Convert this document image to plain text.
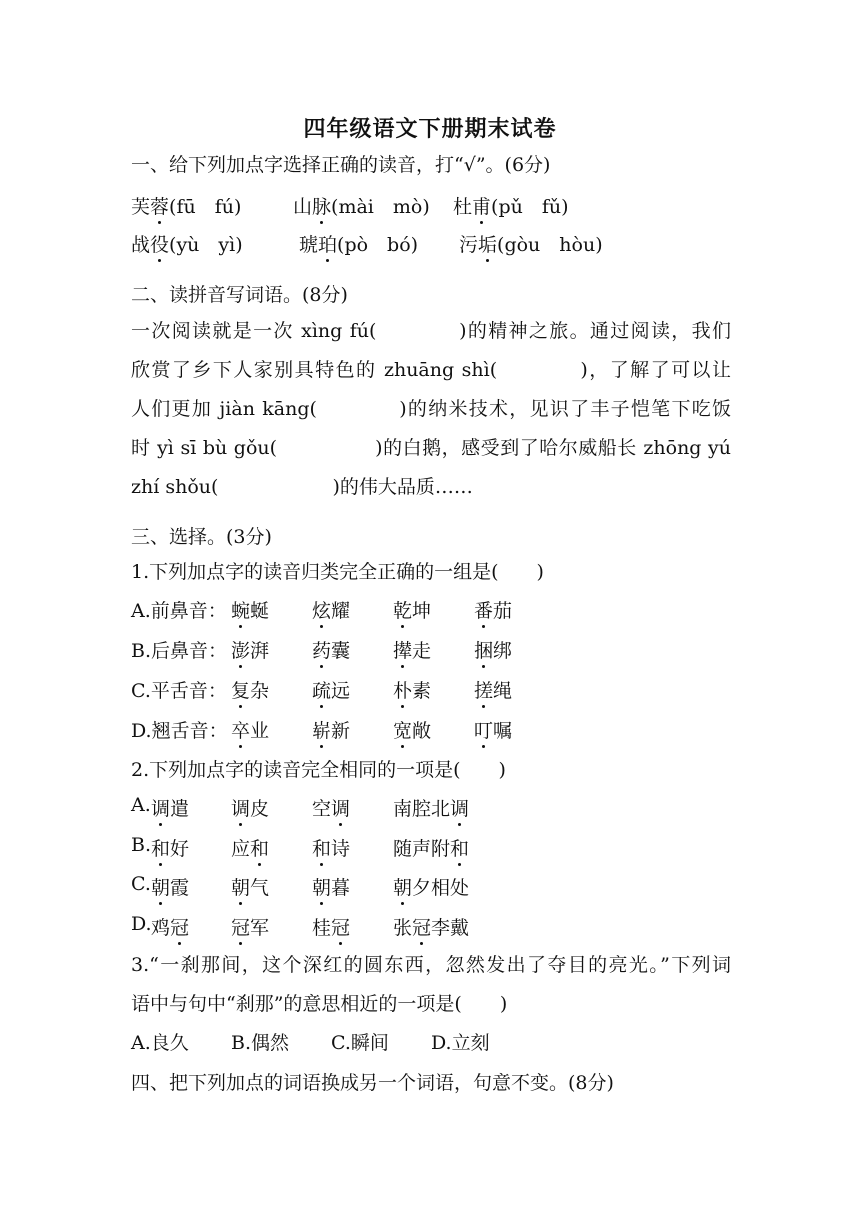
四年级语文下册期末试卷
一、给下列加点字选择正确的读音，打“√”。(6分)
芙蓉(fū　fú)	山脉(mài　mò) 杜甫(pǔ　fǔ)
战役(yù　yì)	琥珀(pò　bó) 污垢(gòu　hòu)
二、读拼音写词语。(8分)
一次阅读就是一次 xìng fú(　　　　)的精神之旅。通过阅读，我们
欣赏了乡下人家别具特色的 zhuāng shì(　　　　)，了解了可以让
人们更加 jiàn kāng(　　　　)的纳米技术，见识了丰子恺笔下吃饭
时 yì sī bù gǒu(　　　　　)的白鹅，感受到了哈尔威船长 zhōng yú
zhí shǒu(　　　　　　)的伟大品质……
三、选择。(3分)
1.下列加点字的读音归类完全正确的一组是(　　)
A.前鼻音： 蜿蜒 炫耀 乾坤 番茄
B.后鼻音： 澎湃 药囊 撵走 捆绑
C.平舌音： 复杂 疏远 朴素 搓绳
D.翘舌音： 卒业 崭新 宽敞 叮嘱
2.下列加点字的读音完全相同的一项是(　　)
A. 调遣 调皮 空调 南腔北调
B. 和好 应和 和诗 随声附和
C. 朝霞 朝气 朝暮 朝夕相处
D. 鸡冠 冠军 桂冠 张冠李戴
3.“一刹那间，这个深红的圆东西，忽然发出了夺目的亮光。”下列词
语中与句中“刹那”的意思相近的一项是(　　)
A.良久 B.偶然 C.瞬间 D.立刻
四、把下列加点的词语换成另一个词语，句意不变。(8分)
